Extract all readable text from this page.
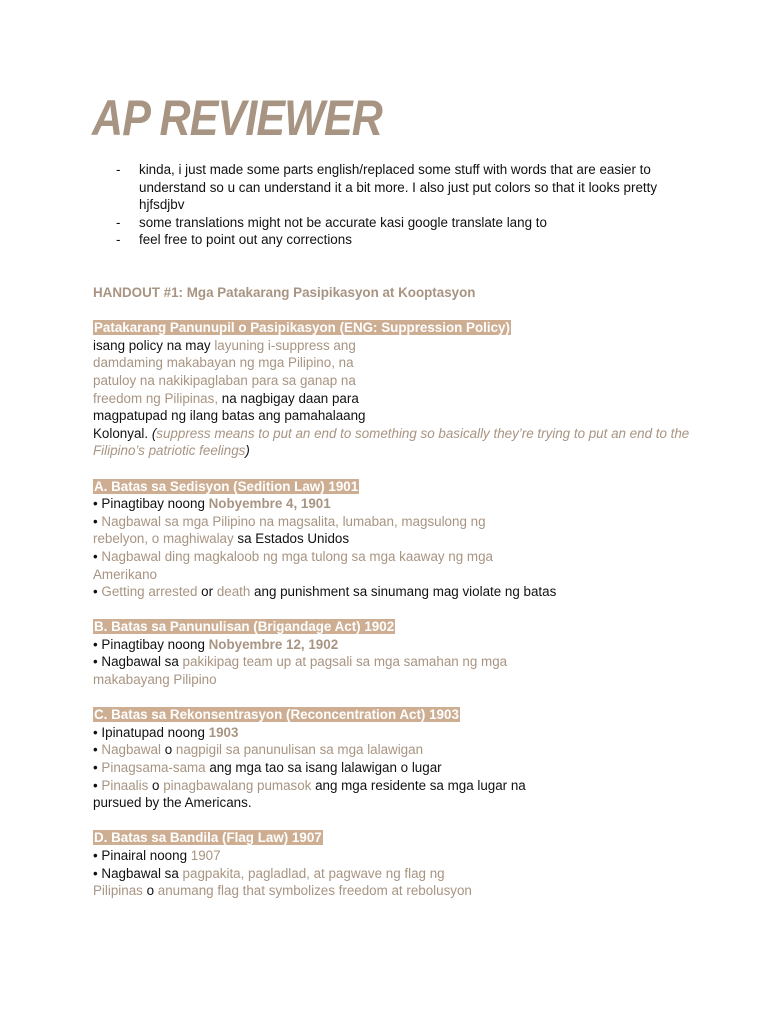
AP REVIEWER
- kinda, i just made some parts english/replaced some stuff with words that are easier to understand so u can understand it a bit more. I also just put colors so that it looks pretty hjfsdjbv
- some translations might not be accurate kasi google translate lang to
- feel free to point out any corrections
HANDOUT #1: Mga Patakarang Pasipikasyon at Kooptasyon
Patakarang Panunupil o Pasipikasyon (ENG: Suppression Policy)
isang policy na may layuning i-suppress ang
damdaming makabayan ng mga Pilipino, na
patuloy na nakikipaglaban para sa ganap na
freedom ng Pilipinas, na nagbigay daan para
magpatupad ng ilang batas ang pamahalaang
Kolonyal. (suppress means to put an end to something so basically they’re trying to put an end to the Filipino’s patriotic feelings)
A. Batas sa Sedisyon (Sedition Law) 1901
• Pinagtibay noong Nobyembre 4, 1901
• Nagbawal sa mga Pilipino na magsalita, lumaban, magsulong ng
rebelyon, o maghiwalay sa Estados Unidos
• Nagbawal ding magkaloob ng mga tulong sa mga kaaway ng mga
Amerikano
• Getting arrested or death ang punishment sa sinumang mag violate ng batas
B. Batas sa Panunulisan (Brigandage Act) 1902
• Pinagtibay noong Nobyembre 12, 1902
• Nagbawal sa pakikipag team up at pagsali sa mga samahan ng mga
makabayang Pilipino
C. Batas sa Rekonsentrasyon (Reconcentration Act) 1903
• Ipinatupad noong 1903
• Nagbawal o nagpigil sa panunulisan sa mga lalawigan
• Pinagsama-sama ang mga tao sa isang lalawigan o lugar
• Pinaalis o pinagbawalang pumasok ang mga residente sa mga lugar na
pursued by the Americans.
D. Batas sa Bandila (Flag Law) 1907
• Pinairal noong 1907
• Nagbawal sa pagpakita, pagladlad, at pagwave ng flag ng
Pilipinas o anumang flag that symbolizes freedom at rebolusyon
